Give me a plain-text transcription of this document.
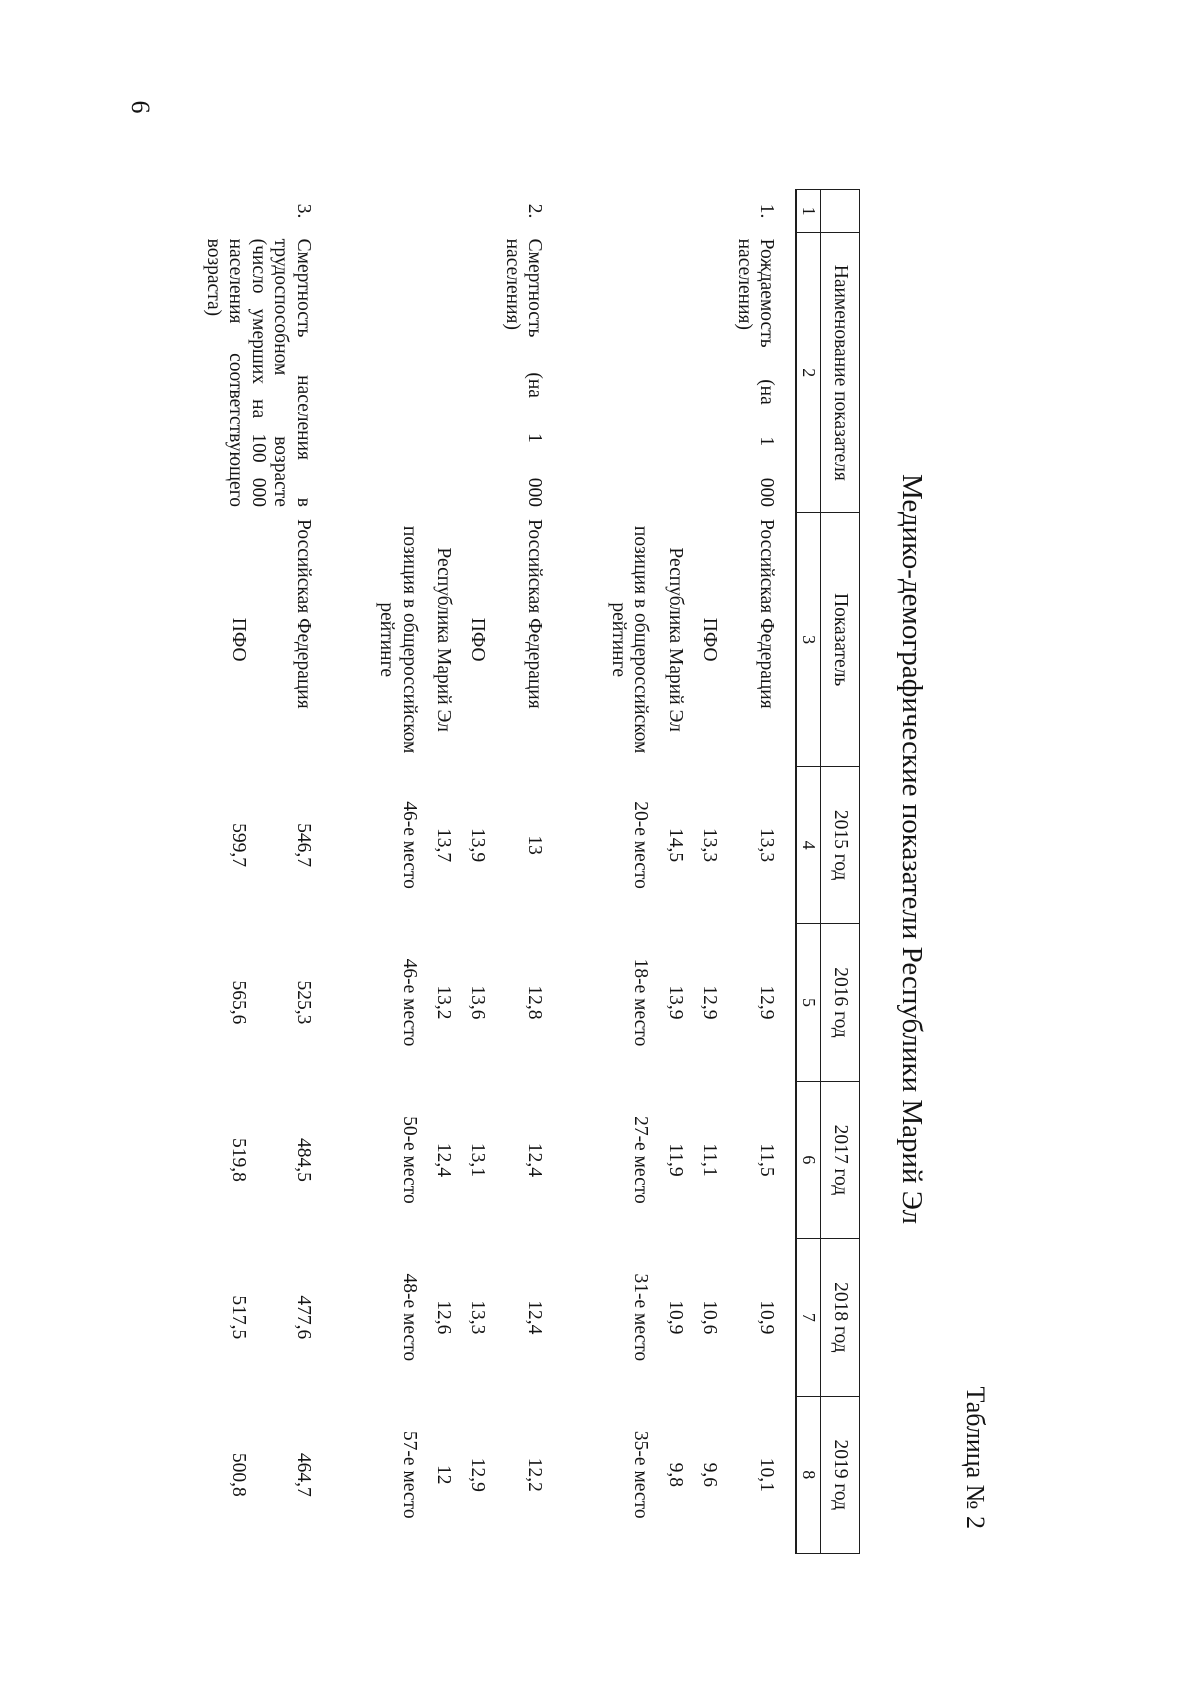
6
Таблица № 2
Медико-демографические показатели Республики Марий Эл
	Наименование показателя	Показатель	2015 год	2016 год	2017 год	2018 год	2019 год
1	2	3	4	5	6	7	8
1.	Рождаемость (на 1 000 населения)	Российская Федерация	13,3	12,9	11,5	10,9	10,1
		ПФО	13,3	12,9	11,1	10,6	9,6
		Республика Марий Эл	14,5	13,9	11,9	10,9	9,8
		позиция в общероссийском рейтинге	20-е место	18-е место	27-е место	31-е место	35-е место
2.	Смертность (на 1 000 населения)	Российская Федерация	13	12,8	12,4	12,4	12,2
		ПФО	13,9	13,6	13,1	13,3	12,9
		Республика Марий Эл	13,7	13,2	12,4	12,6	12
		позиция в общероссийском рейтинге	46-е место	46-е место	50-е место	48-е место	57-е место
3.	Смертность населения в трудоспособном возрасте (число умерших на 100 000 населения соответствующего возраста)	Российская Федерация	546,7	525,3	484,5	477,6	464,7
		ПФО	599,7	565,6	519,8	517,5	500,8
